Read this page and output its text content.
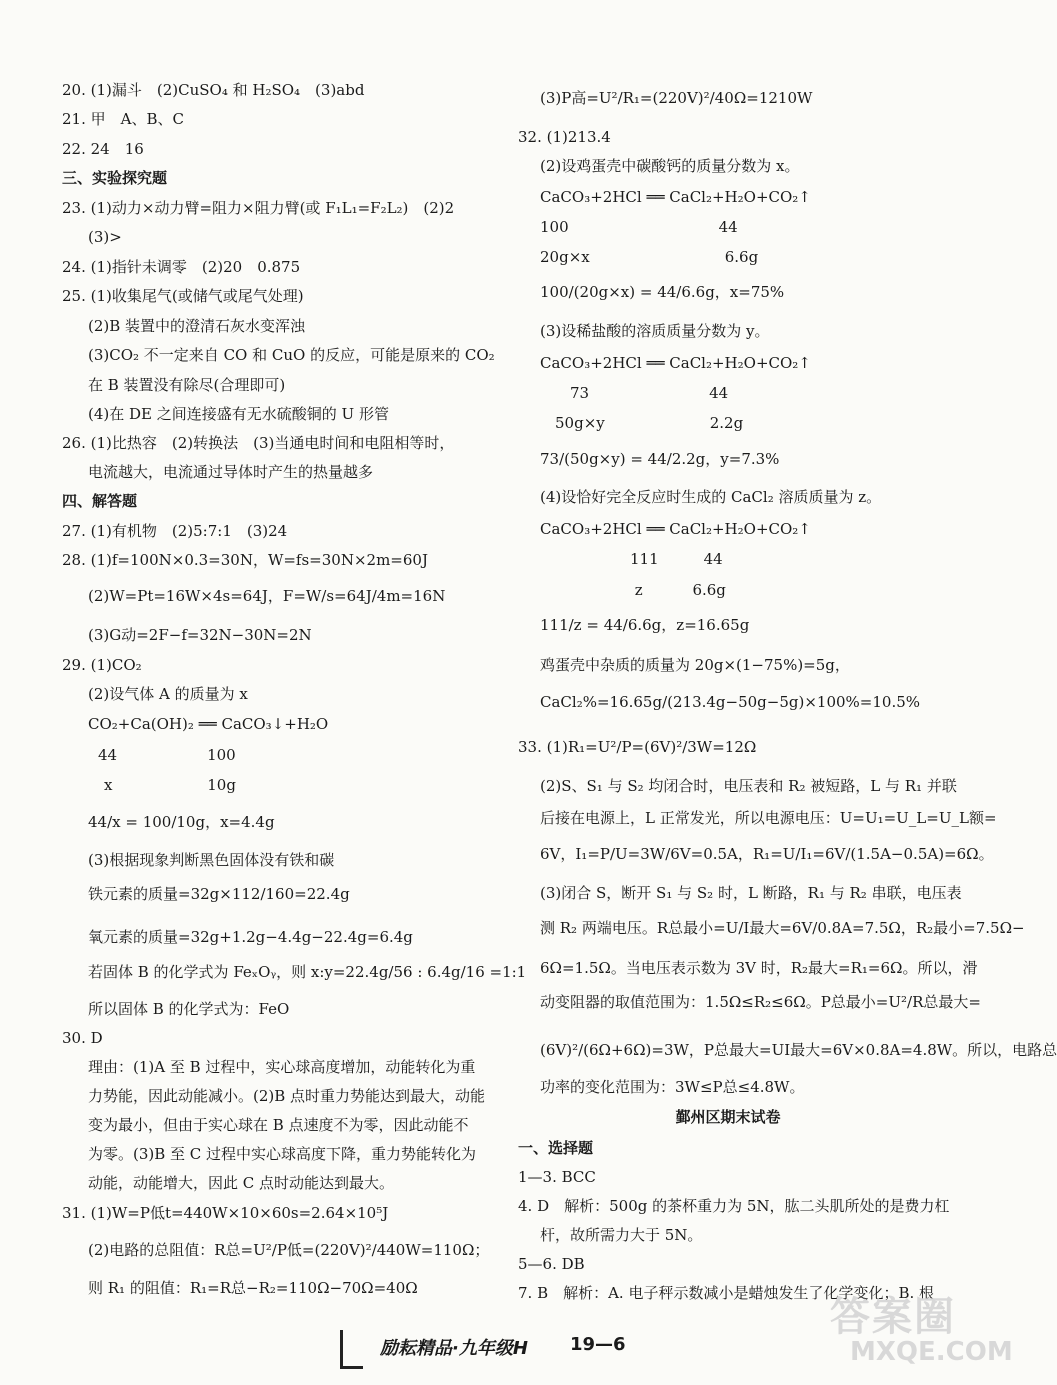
20. (1)漏斗　(2)CuSO₄ 和 H₂SO₄　(3)abd
21. 甲　A、B、C
22. 24　16
三、实验探究题
23. (1)动力×动力臂=阻力×阻力臂(或 F₁L₁=F₂L₂)　(2)2
(3)>
24. (1)指针未调零　(2)20　0.875
25. (1)收集尾气(或储气或尾气处理)
(2)B 装置中的澄清石灰水变浑浊
(3)CO₂ 不一定来自 CO 和 CuO 的反应，可能是原来的 CO₂
在 B 装置没有除尽(合理即可)
(4)在 DE 之间连接盛有无水硫酸铜的 U 形管
26. (1)比热容　(2)转换法　(3)当通电时间和电阻相等时，
电流越大，电流通过导体时产生的热量越多
四、解答题
27. (1)有机物　(2)5:7:1　(3)24
28. (1)f=100N×0.3=30N，W=fs=30N×2m=60J
(2)W=Pt=16W×4s=64J，F=W/s=64J/4m=16N
(3)G动=2F−f=32N−30N=2N
29. (1)CO₂
(2)设气体 A 的质量为 x
CO₂+Ca(OH)₂ ══ CaCO₃↓+H₂O
44　　　　　　100
x　　　　　　 10g
44/x = 100/10g，x=4.4g
(3)根据现象判断黑色固体没有铁和碳
铁元素的质量=32g×112/160=22.4g
氧元素的质量=32g+1.2g−4.4g−22.4g=6.4g
若固体 B 的化学式为 FeₓOᵧ，则 x:y=22.4g/56 : 6.4g/16 =1:1
所以固体 B 的化学式为：FeO
30. D
理由：(1)A 至 B 过程中，实心球高度增加，动能转化为重
力势能，因此动能减小。(2)B 点时重力势能达到最大，动能
变为最小，但由于实心球在 B 点速度不为零，因此动能不
为零。(3)B 至 C 过程中实心球高度下降，重力势能转化为
动能，动能增大，因此 C 点时动能达到最大。
31. (1)W=P低t=440W×10×60s=2.64×10⁵J
(2)电路的总阻值：R总=U²/P低=(220V)²/440W=110Ω；
则 R₁ 的阻值：R₁=R总−R₂=110Ω−70Ω=40Ω
(3)P高=U²/R₁=(220V)²/40Ω=1210W
32. (1)213.4
(2)设鸡蛋壳中碳酸钙的质量分数为 x。
CaCO₃+2HCl ══ CaCl₂+H₂O+CO₂↑
100　　　　　　　　　　44
20g×x　　　　　　　　　6.6g
100/(20g×x) = 44/6.6g，x=75%
(3)设稀盐酸的溶质质量分数为 y。
CaCO₃+2HCl ══ CaCl₂+H₂O+CO₂↑
　　73　　　　　　　　44
　50g×y　　　　　　　2.2g
73/(50g×y) = 44/2.2g，y=7.3%
(4)设恰好完全反应时生成的 CaCl₂ 溶质质量为 z。
CaCO₃+2HCl ══ CaCl₂+H₂O+CO₂↑
　　　　　　111　　　44
　　　　　　 z　　　 6.6g
111/z = 44/6.6g，z=16.65g
鸡蛋壳中杂质的质量为 20g×(1−75%)=5g，
CaCl₂%=16.65g/(213.4g−50g−5g)×100%=10.5%
33. (1)R₁=U²/P=(6V)²/3W=12Ω
(2)S、S₁ 与 S₂ 均闭合时，电压表和 R₂ 被短路，L 与 R₁ 并联
后接在电源上，L 正常发光，所以电源电压：U=U₁=U_L=U_L额=
6V，I₁=P/U=3W/6V=0.5A，R₁=U/I₁=6V/(1.5A−0.5A)=6Ω。
(3)闭合 S，断开 S₁ 与 S₂ 时，L 断路，R₁ 与 R₂ 串联，电压表
测 R₂ 两端电压。R总最小=U/I最大=6V/0.8A=7.5Ω，R₂最小=7.5Ω−
6Ω=1.5Ω。当电压表示数为 3V 时，R₂最大=R₁=6Ω。所以，滑
动变阻器的取值范围为：1.5Ω≤R₂≤6Ω。P总最小=U²/R总最大=
(6V)²/(6Ω+6Ω)=3W，P总最大=UI最大=6V×0.8A=4.8W。所以，电路总
功率的变化范围为：3W≤P总≤4.8W。
鄞州区期末试卷
一、选择题
1—3. BCC
4. D　解析：500g 的茶杯重力为 5N，肱二头肌所处的是费力杠
杆，故所需力大于 5N。
5—6. DB
7. B　解析：A. 电子秤示数减小是蜡烛发生了化学变化；B. 根
励耘精品·九年级H 19—6
答案圈
MXQE.COM
